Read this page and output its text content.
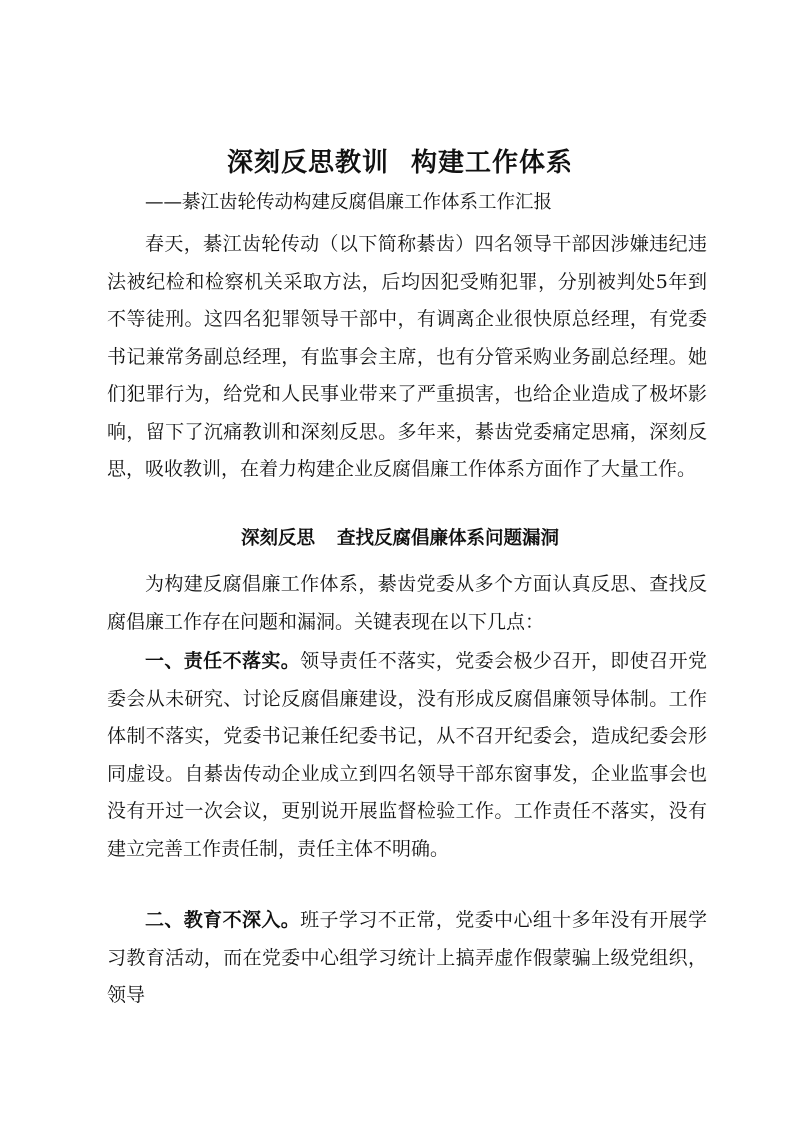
深刻反思教训 构建工作体系
——綦江齿轮传动构建反腐倡廉工作体系工作汇报

春天，綦江齿轮传动（以下简称綦齿）四名领导干部因涉嫌违纪违法被纪检和检察机关采取方法，后均因犯受贿犯罪，分别被判处5年到不等徒刑。这四名犯罪领导干部中，有调离企业很快原总经理，有党委书记兼常务副总经理，有监事会主席，也有分管采购业务副总经理。她们犯罪行为，给党和人民事业带来了严重损害，也给企业造成了极坏影响，留下了沉痛教训和深刻反思。多年来，綦齿党委痛定思痛，深刻反思，吸收教训，在着力构建企业反腐倡廉工作体系方面作了大量工作。

深刻反思 查找反腐倡廉体系问题漏洞

为构建反腐倡廉工作体系，綦齿党委从多个方面认真反思、查找反腐倡廉工作存在问题和漏洞。关键表现在以下几点：

一、责任不落实。领导责任不落实，党委会极少召开，即使召开党委会从未研究、讨论反腐倡廉建设，没有形成反腐倡廉领导体制。工作体制不落实，党委书记兼任纪委书记，从不召开纪委会，造成纪委会形同虚设。自綦齿传动企业成立到四名领导干部东窗事发，企业监事会也没有开过一次会议，更别说开展监督检验工作。工作责任不落实，没有建立完善工作责任制，责任主体不明确。

二、教育不深入。班子学习不正常，党委中心组十多年没有开展学习教育活动，而在党委中心组学习统计上搞弄虚作假蒙骗上级党组织，领导
